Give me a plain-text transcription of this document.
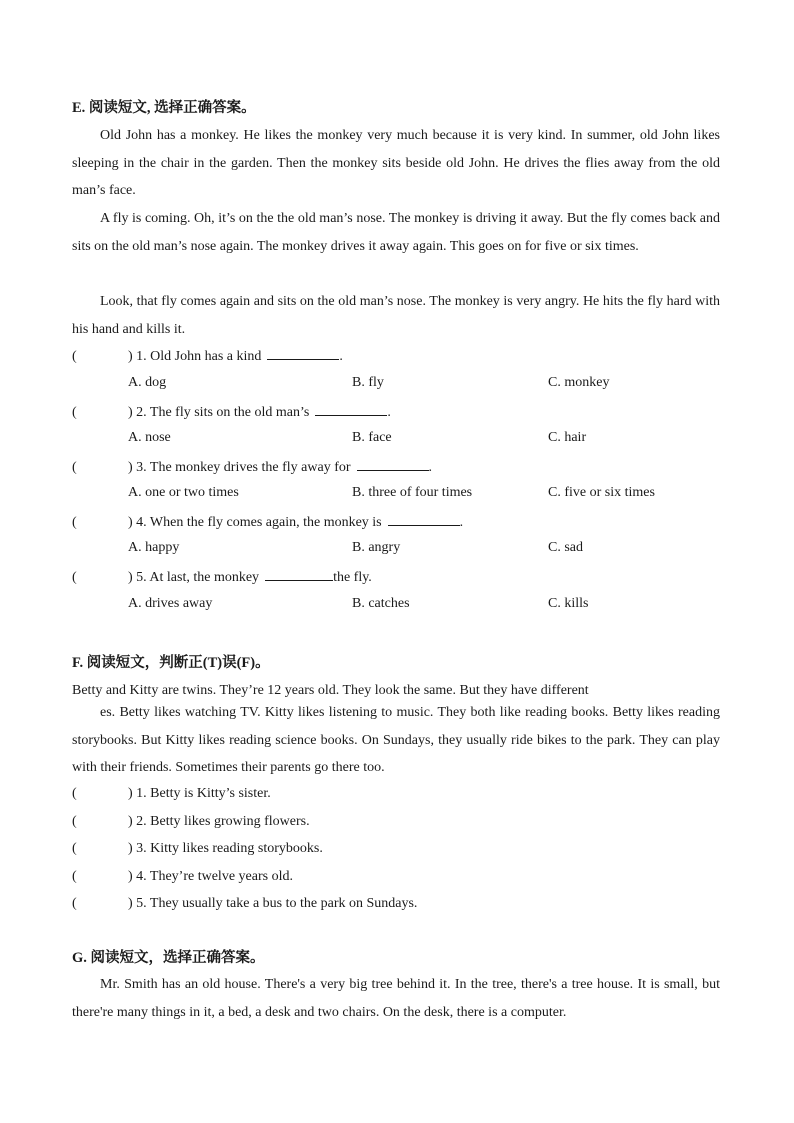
E. 阅读短文, 选择正确答案。
Old John has a monkey. He likes the monkey very much because it is very kind. In summer, old John likes sleeping in the chair in the garden. Then the monkey sits beside old John. He drives the flies away from the old man’s face.
A fly is coming. Oh, it’s on the the old man’s nose. The monkey is driving it away. But the fly comes back and sits on the old man’s nose again. The monkey drives it away again. This goes on for five or six times.
Look, that fly comes again and sits on the old man’s nose. The monkey is very angry. He hits the fly hard with his hand and kills it.
(	) 1. Old John has a kind	.
A. dog	B. fly	C. monkey
(	) 2. The fly sits on the old man’s	.
A. nose	B. face	C. hair
(	) 3. The monkey drives the fly away for	.
A. one or two times	B. three of four times	C. five or six times
(	) 4. When the fly comes again, the monkey is	.
A. happy	B. angry	C. sad
(	) 5. At last, the monkey	the fly.
A. drives away	B. catches	C. kills
F. 阅读短文，判断正(T)误(F)。
Betty and Kitty are twins. They’re 12 years old. They look the same. But they have different
es. Betty likes watching TV. Kitty likes listening to music. They both like reading books. Betty likes reading storybooks. But Kitty likes reading science books. On Sundays, they usually ride bikes to the park. They can play with their friends. Sometimes their parents go there too.
(	) 1. Betty is Kitty’s sister.
(	) 2. Betty likes growing flowers.
(	) 3. Kitty likes reading storybooks.
(	) 4. They’re twelve years old.
(	) 5. They usually take a bus to the park on Sundays.
G. 阅读短文，选择正确答案。
Mr. Smith has an old house. There's a very big tree behind it. In the tree, there's a tree house. It is small, but there're many things in it, a bed, a desk and two chairs. On the desk, there is a computer.
